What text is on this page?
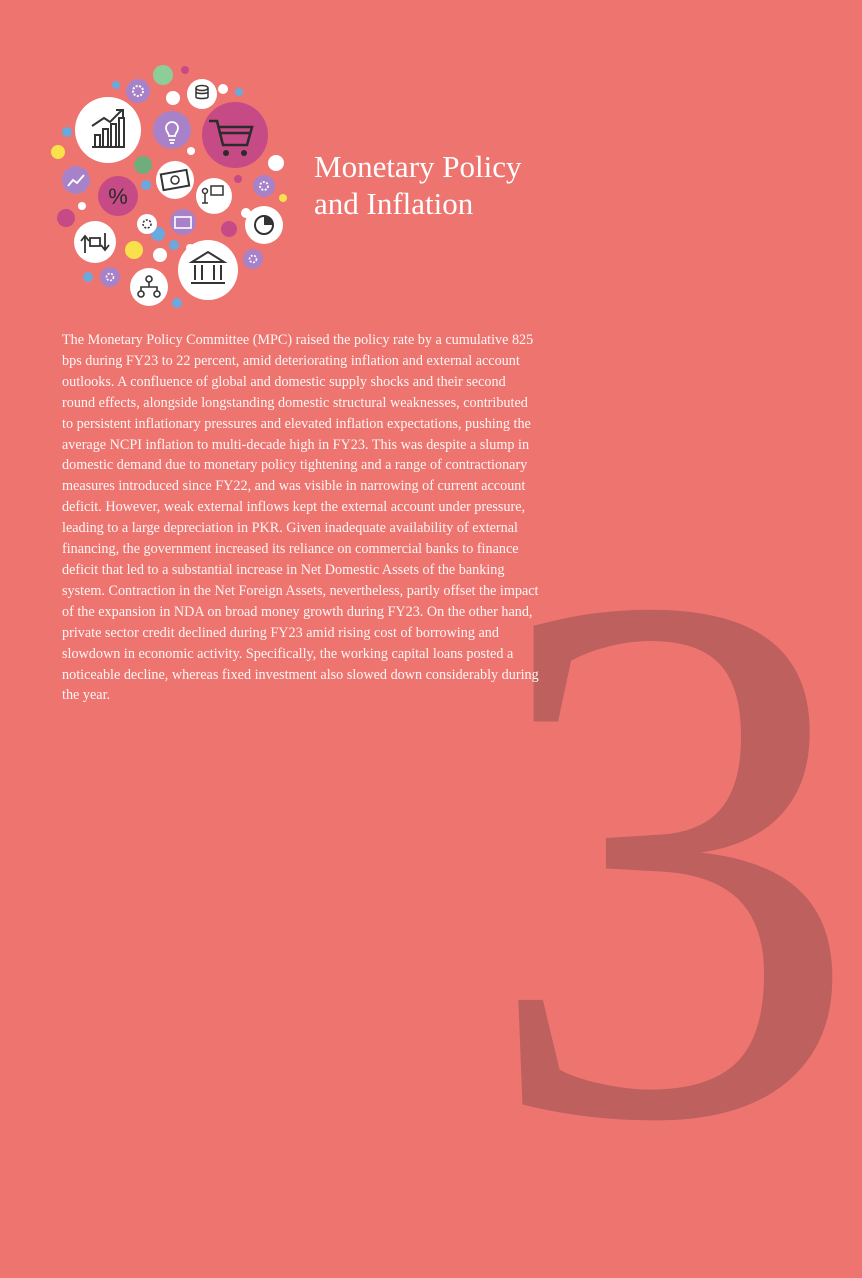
3
%
Monetary Policy
and Inflation

The Monetary Policy Committee (MPC) raised the policy rate by a cumulative 825 bps during FY23 to 22 percent, amid deteriorating inflation and external account outlooks. A confluence of global and domestic supply shocks and their second round effects, alongside longstanding domestic structural weaknesses, contributed to persistent inflationary pressures and elevated inflation expectations, pushing the average NCPI inflation to multi-decade high in FY23. This was despite a slump in domestic demand due to monetary policy tightening and a range of contractionary measures introduced since FY22, and was visible in narrowing of current account deficit. However, weak external inflows kept the external account under pressure, leading to a large depreciation in PKR. Given inadequate availability of external financing, the government increased its reliance on commercial banks to finance deficit that led to a substantial increase in Net Domestic Assets of the banking system. Contraction in the Net Foreign Assets, nevertheless, partly offset the impact of the expansion in NDA on broad money growth during FY23. On the other hand, private sector credit declined during FY23 amid rising cost of borrowing and slowdown in economic activity. Specifically, the working capital loans posted a noticeable decline, whereas fixed investment also slowed down considerably during the year.
